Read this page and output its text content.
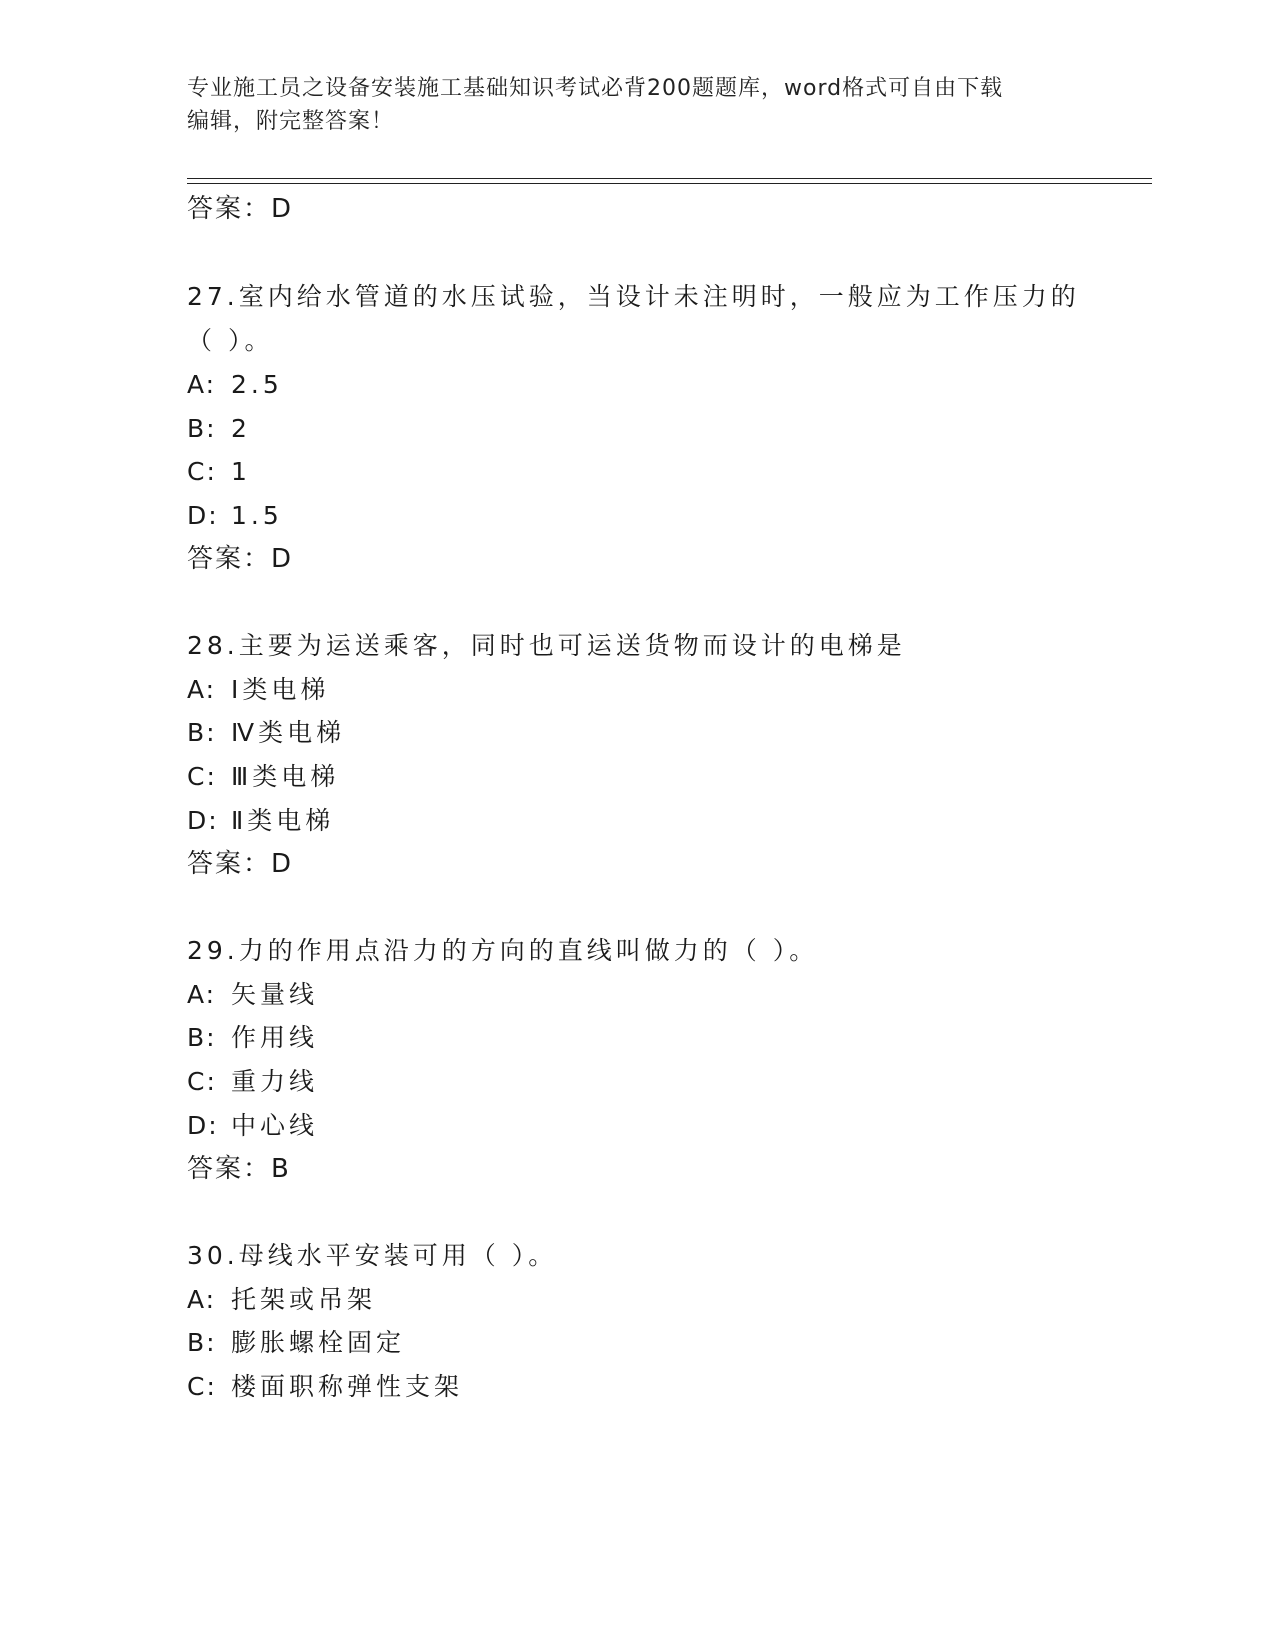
专业施工员之设备安装施工基础知识考试必背200题题库，word格式可自由下载
编辑，附完整答案！
答案：D
27.室内给水管道的水压试验，当设计未注明时，一般应为工作压力的
（ ）。
A: 2.5
B: 2
C: 1
D: 1.5
答案：D
28.主要为运送乘客，同时也可运送货物而设计的电梯是
A: Ⅰ类电梯
B: Ⅳ类电梯
C: Ⅲ类电梯
D: Ⅱ类电梯
答案：D
29.力的作用点沿力的方向的直线叫做力的（ ）。
A: 矢量线
B: 作用线
C: 重力线
D: 中心线
答案：B
30.母线水平安装可用（ ）。
A: 托架或吊架
B: 膨胀螺栓固定
C: 楼面职称弹性支架
